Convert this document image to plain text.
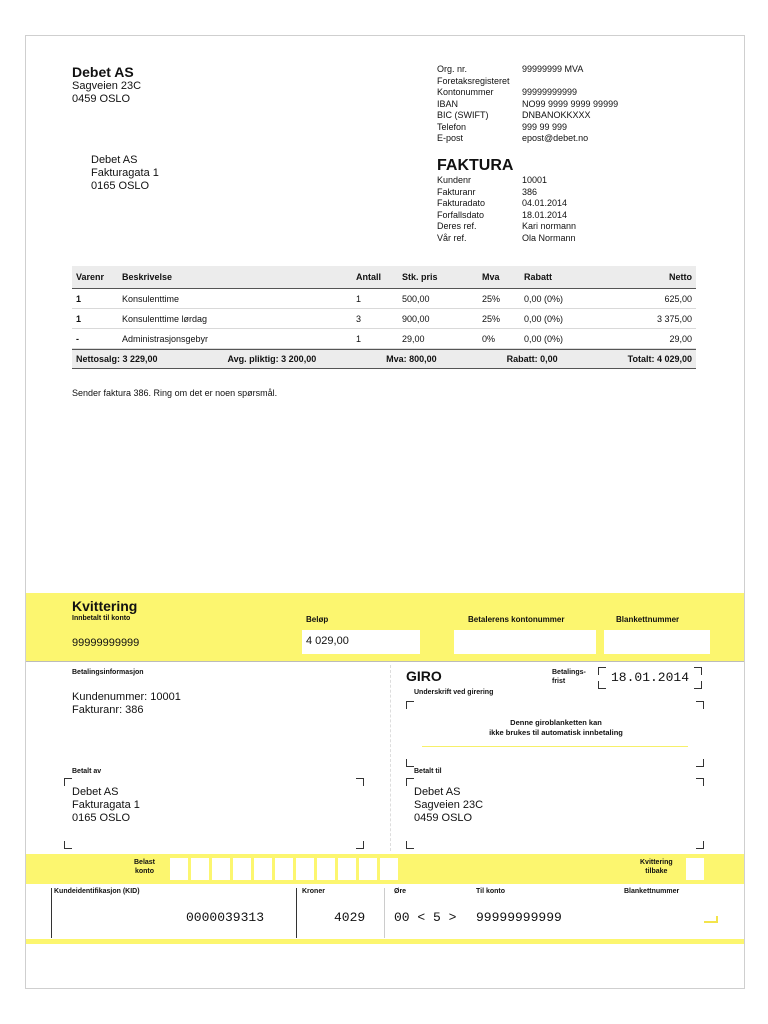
Debet AS
Sagveien 23C
0459 OSLO
Org. nr.	99999999 MVA
Foretaksregisteret
Kontonummer	99999999999
IBAN	NO99 9999 9999 99999
BIC (SWIFT)	DNBANOKKXXX
Telefon	999 99 999
E-post	epost@debet.no
Debet AS
Fakturagata 1
0165 OSLO
FAKTURA
Kundenr	10001
Fakturanr	386
Fakturadato	04.01.2014
Forfallsdato	18.01.2014
Deres ref.	Kari normann
Vår ref.	Ola Normann
Varenr	Beskrivelse	Antall	Stk. pris	Mva	Rabatt	Netto
1	Konsulenttime	1	500,00	25%	0,00 (0%)	625,00
1	Konsulenttime lørdag	3	900,00	25%	0,00 (0%)	3 375,00
-	Administrasjonsgebyr	1	29,00	0%	0,00 (0%)	29,00
Nettosalg: 3 229,00	Avg. pliktig: 3 200,00	Mva: 800,00	Rabatt: 0,00	Totalt: 4 029,00
Sender faktura 386. Ring om det er noen spørsmål.
Kvittering
Innbetalt til konto
99999999999
Beløp
4 029,00
Betalerens kontonummer	Blankettnummer
Betalingsinformasjon
Kundenummer: 10001
Fakturanr: 386
GIRO	Betalings-
frist	18.01.2014
Underskrift ved girering
Denne giroblanketten kan
ikke brukes til automatisk innbetaling
Betalt av
Debet AS
Fakturagata 1
0165 OSLO
Betalt til
Debet AS
Sagveien 23C
0459 OSLO
Belast
konto
Kvittering
tilbake
Kundeidentifikasjon (KID)
0000039313
Kroner
4029
Øre
00 < 5 >
Til konto
99999999999
Blankettnummer
